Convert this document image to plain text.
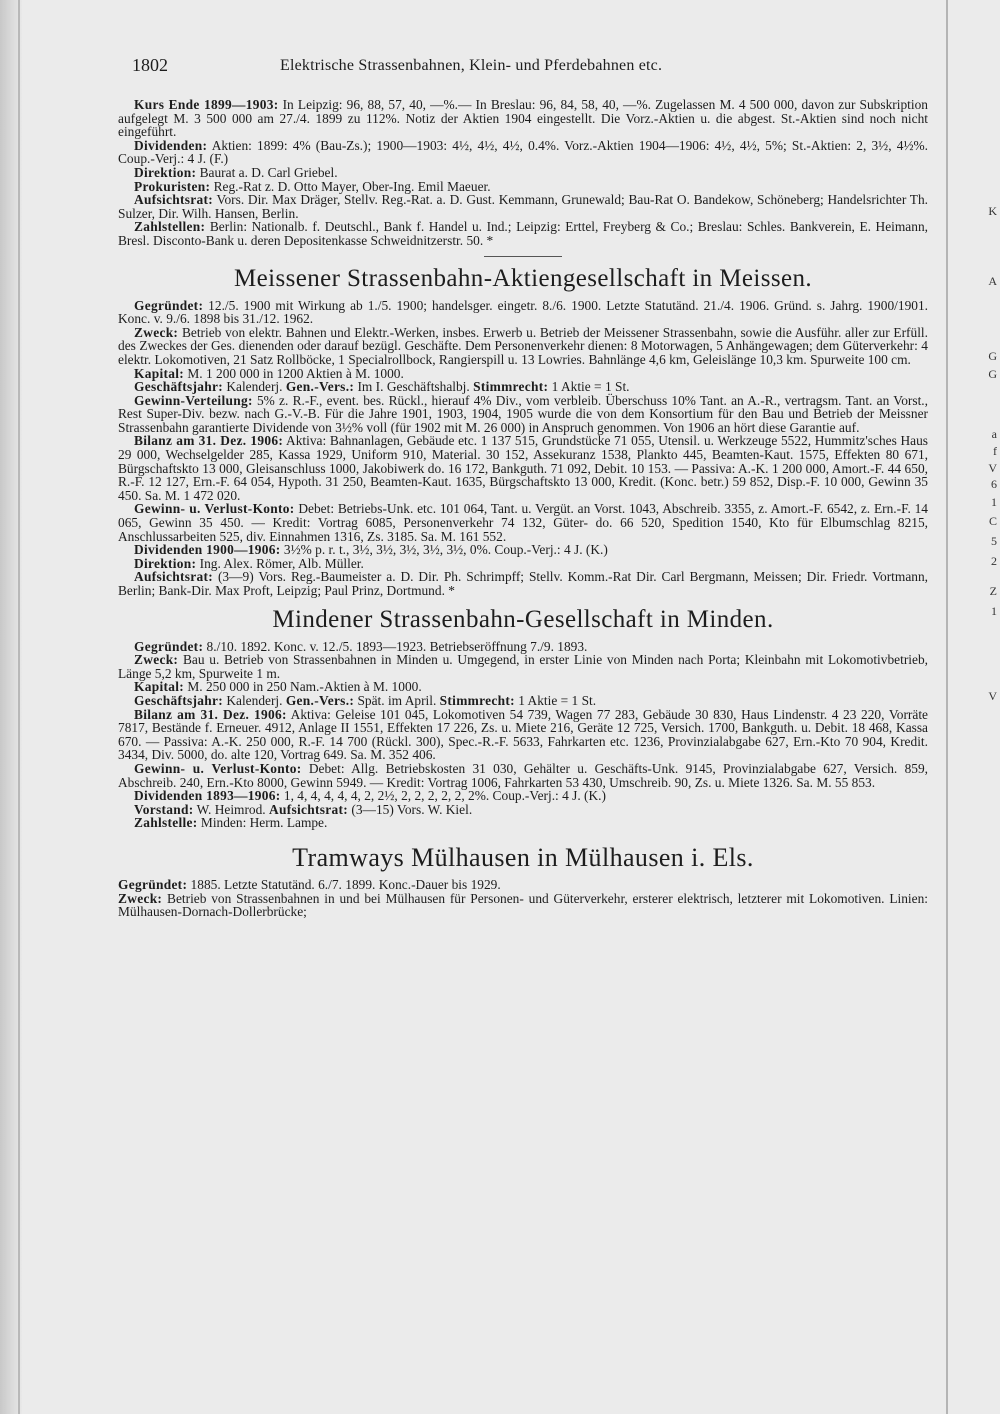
K
A
G
G
a
f
V
6
1
C
5
2
Z
1
V
1802	Elektrische Strassenbahnen, Klein- und Pferdebahnen etc.

Kurs Ende 1899—1903: In Leipzig: 96, 88, 57, 40, —%.— In Breslau: 96, 84, 58, 40, —%. Zugelassen M. 4 500 000, davon zur Subskription aufgelegt M. 3 500 000 am 27./4. 1899 zu 112%. Notiz der Aktien 1904 eingestellt. Die Vorz.-Aktien u. die abgest. St.-Aktien sind noch nicht eingeführt.

Dividenden: Aktien: 1899: 4% (Bau-Zs.); 1900—1903: 4½, 4½, 4½, 0.4%. Vorz.-Aktien 1904—1906: 4½, 4½, 5%; St.-Aktien: 2, 3½, 4½%. Coup.-Verj.: 4 J. (F.)

Direktion: Baurat a. D. Carl Griebel.

Prokuristen: Reg.-Rat z. D. Otto Mayer, Ober-Ing. Emil Maeuer.

Aufsichtsrat: Vors. Dir. Max Dräger, Stellv. Reg.-Rat. a. D. Gust. Kemmann, Grunewald; Bau-Rat O. Bandekow, Schöneberg; Handelsrichter Th. Sulzer, Dir. Wilh. Hansen, Berlin.

Zahlstellen: Berlin: Nationalb. f. Deutschl., Bank f. Handel u. Ind.; Leipzig: Erttel, Freyberg & Co.; Breslau: Schles. Bankverein, E. Heimann, Bresl. Disconto-Bank u. deren Depositenkasse Schweidnitzerstr. 50. *

Meissener Strassenbahn-Aktiengesellschaft in Meissen.

Gegründet: 12./5. 1900 mit Wirkung ab 1./5. 1900; handelsger. eingetr. 8./6. 1900. Letzte Statutänd. 21./4. 1906. Gründ. s. Jahrg. 1900/1901. Konc. v. 9./6. 1898 bis 31./12. 1962.

Zweck: Betrieb von elektr. Bahnen und Elektr.-Werken, insbes. Erwerb u. Betrieb der Meissener Strassenbahn, sowie die Ausführ. aller zur Erfüll. des Zweckes der Ges. dienenden oder darauf bezügl. Geschäfte. Dem Personenverkehr dienen: 8 Motorwagen, 5 Anhängewagen; dem Güterverkehr: 4 elektr. Lokomotiven, 21 Satz Rollböcke, 1 Specialrollbock, Rangierspill u. 13 Lowries. Bahnlänge 4,6 km, Geleislänge 10,3 km. Spurweite 100 cm.

Kapital: M. 1 200 000 in 1200 Aktien à M. 1000.

Geschäftsjahr: Kalenderj. Gen.-Vers.: Im I. Geschäftshalbj. Stimmrecht: 1 Aktie = 1 St.

Gewinn-Verteilung: 5% z. R.-F., event. bes. Rückl., hierauf 4% Div., vom verbleib. Überschuss 10% Tant. an A.-R., vertragsm. Tant. an Vorst., Rest Super-Div. bezw. nach G.-V.-B. Für die Jahre 1901, 1903, 1904, 1905 wurde die von dem Konsortium für den Bau und Betrieb der Meissner Strassenbahn garantierte Dividende von 3½% voll (für 1902 mit M. 26 000) in Anspruch genommen. Von 1906 an hört diese Garantie auf.

Bilanz am 31. Dez. 1906: Aktiva: Bahnanlagen, Gebäude etc. 1 137 515, Grundstücke 71 055, Utensil. u. Werkzeuge 5522, Hummitz'sches Haus 29 000, Wechselgelder 285, Kassa 1929, Uniform 910, Material. 30 152, Assekuranz 1538, Plankto 445, Beamten-Kaut. 1575, Effekten 80 671, Bürgschaftskto 13 000, Gleisanschluss 1000, Jakobiwerk do. 16 172, Bankguth. 71 092, Debit. 10 153. — Passiva: A.-K. 1 200 000, Amort.-F. 44 650, R.-F. 12 127, Ern.-F. 64 054, Hypoth. 31 250, Beamten-Kaut. 1635, Bürgschaftskto 13 000, Kredit. (Konc. betr.) 59 852, Disp.-F. 10 000, Gewinn 35 450. Sa. M. 1 472 020.

Gewinn- u. Verlust-Konto: Debet: Betriebs-Unk. etc. 101 064, Tant. u. Vergüt. an Vorst. 1043, Abschreib. 3355, z. Amort.-F. 6542, z. Ern.-F. 14 065, Gewinn 35 450. — Kredit: Vortrag 6085, Personenverkehr 74 132, Güter- do. 66 520, Spedition 1540, Kto für Elbumschlag 8215, Anschlussarbeiten 525, div. Einnahmen 1316, Zs. 3185. Sa. M. 161 552.

Dividenden 1900—1906: 3½% p. r. t., 3½, 3½, 3½, 3½, 3½, 0%. Coup.-Verj.: 4 J. (K.)

Direktion: Ing. Alex. Römer, Alb. Müller.

Aufsichtsrat: (3—9) Vors. Reg.-Baumeister a. D. Dir. Ph. Schrimpff; Stellv. Komm.-Rat Dir. Carl Bergmann, Meissen; Dir. Friedr. Vortmann, Berlin; Bank-Dir. Max Proft, Leipzig; Paul Prinz, Dortmund. *

Mindener Strassenbahn-Gesellschaft in Minden.

Gegründet: 8./10. 1892. Konc. v. 12./5. 1893—1923. Betriebseröffnung 7./9. 1893.

Zweck: Bau u. Betrieb von Strassenbahnen in Minden u. Umgegend, in erster Linie von Minden nach Porta; Kleinbahn mit Lokomotivbetrieb, Länge 5,2 km, Spurweite 1 m.

Kapital: M. 250 000 in 250 Nam.-Aktien à M. 1000.

Geschäftsjahr: Kalenderj. Gen.-Vers.: Spät. im April. Stimmrecht: 1 Aktie = 1 St.

Bilanz am 31. Dez. 1906: Aktiva: Geleise 101 045, Lokomotiven 54 739, Wagen 77 283, Gebäude 30 830, Haus Lindenstr. 4 23 220, Vorräte 7817, Bestände f. Erneuer. 4912, Anlage II 1551, Effekten 17 226, Zs. u. Miete 216, Geräte 12 725, Versich. 1700, Bankguth. u. Debit. 18 468, Kassa 670. — Passiva: A.-K. 250 000, R.-F. 14 700 (Rückl. 300), Spec.-R.-F. 5633, Fahrkarten etc. 1236, Provinzialabgabe 627, Ern.-Kto 70 904, Kredit. 3434, Div. 5000, do. alte 120, Vortrag 649. Sa. M. 352 406.

Gewinn- u. Verlust-Konto: Debet: Allg. Betriebskosten 31 030, Gehälter u. Geschäfts-Unk. 9145, Provinzialabgabe 627, Versich. 859, Abschreib. 240, Ern.-Kto 8000, Gewinn 5949. — Kredit: Vortrag 1006, Fahrkarten 53 430, Umschreib. 90, Zs. u. Miete 1326. Sa. M. 55 853.

Dividenden 1893—1906: 1, 4, 4, 4, 4, 4, 2, 2½, 2, 2, 2, 2, 2, 2%. Coup.-Verj.: 4 J. (K.)

Vorstand: W. Heimrod. Aufsichtsrat: (3—15) Vors. W. Kiel.

Zahlstelle: Minden: Herm. Lampe.

Tramways Mülhausen in Mülhausen i. Els.

Gegründet: 1885. Letzte Statutänd. 6./7. 1899. Konc.-Dauer bis 1929.

Zweck: Betrieb von Strassenbahnen in und bei Mülhausen für Personen- und Güterverkehr, ersterer elektrisch, letzterer mit Lokomotiven. Linien: Mülhausen-Dornach-Dollerbrücke;
